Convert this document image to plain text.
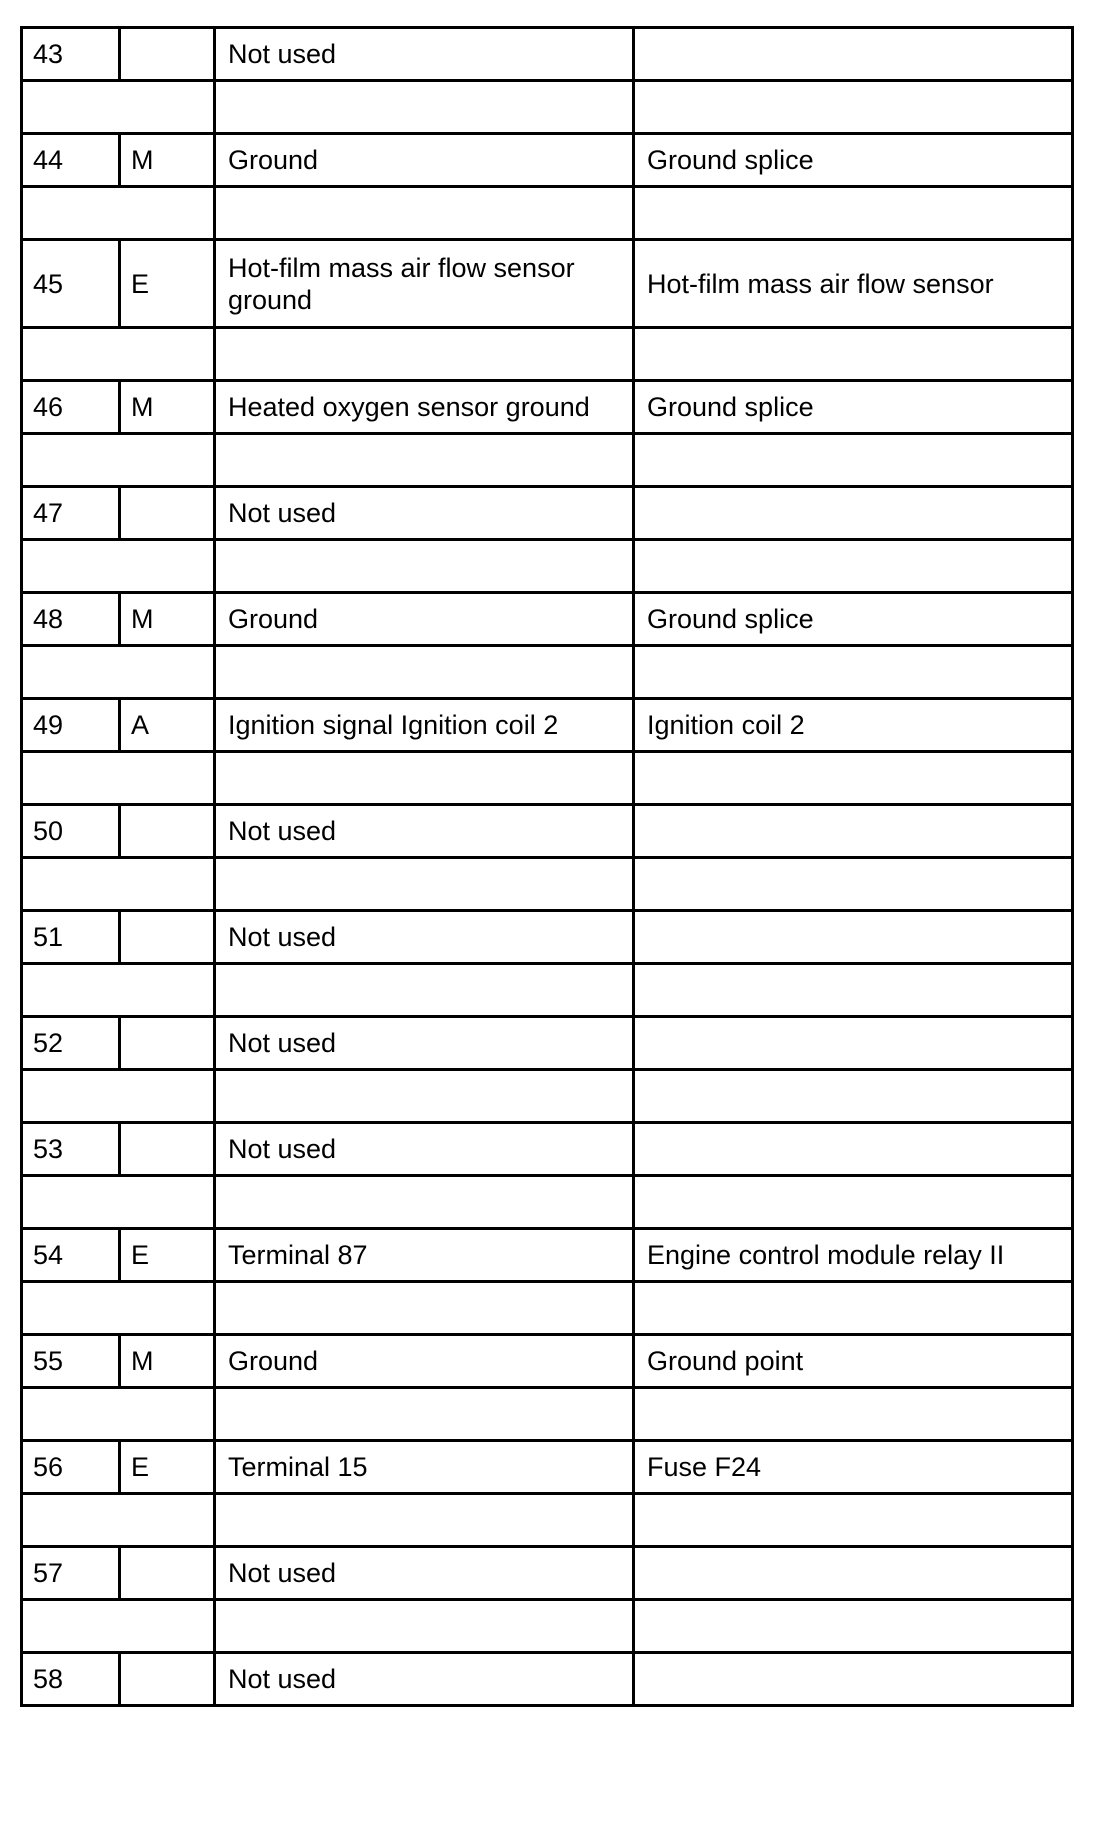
43		Not used	

44	M	Ground	Ground splice

45	E	Hot-film mass air flow sensor ground	Hot-film mass air flow sensor

46	M	Heated oxygen sensor ground	Ground splice

47		Not used	

48	M	Ground	Ground splice

49	A	Ignition signal Ignition coil 2	Ignition coil 2

50		Not used	

51		Not used	

52		Not used	

53		Not used	

54	E	Terminal 87	Engine control module relay II

55	M	Ground	Ground point

56	E	Terminal 15	Fuse F24

57		Not used	

58		Not used	
